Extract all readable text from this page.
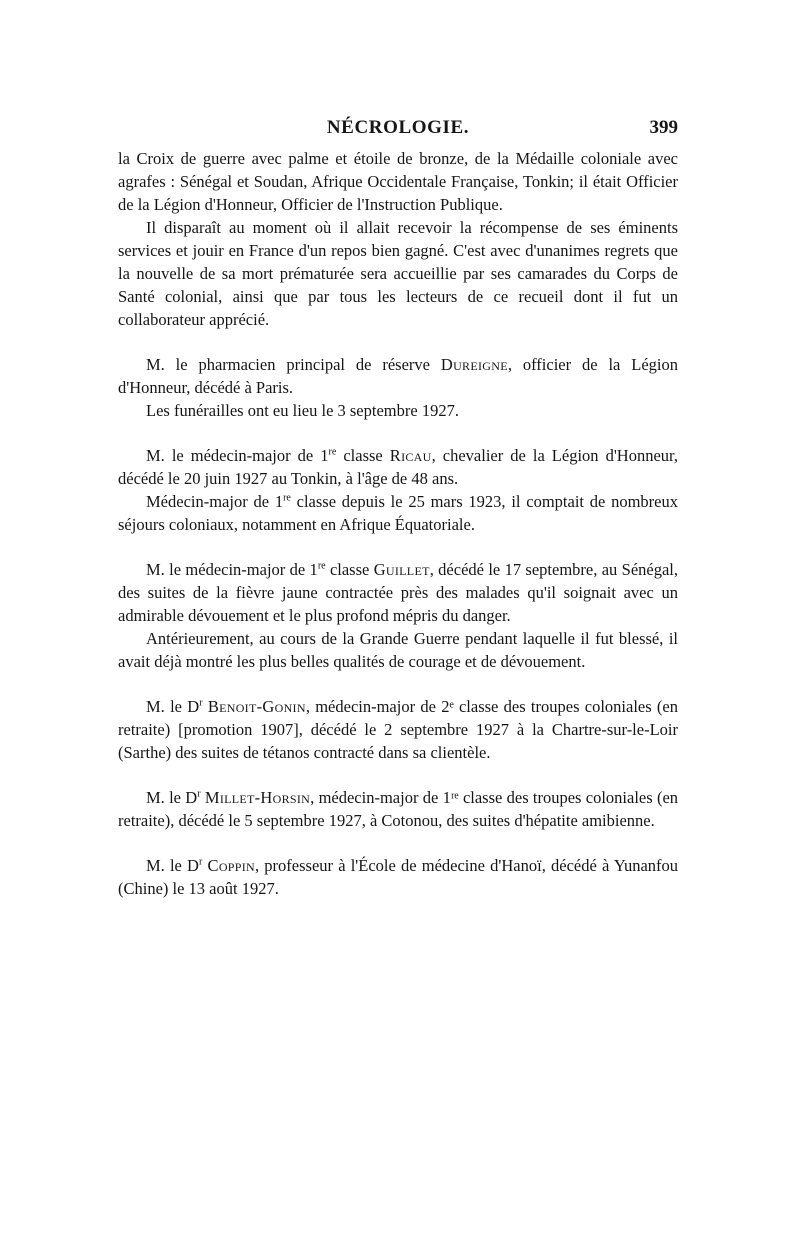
NÉCROLOGIE.	399

la Croix de guerre avec palme et étoile de bronze, de la Médaille coloniale avec agrafes : Sénégal et Soudan, Afrique Occidentale Française, Tonkin; il était Officier de la Légion d'Honneur, Officier de l'Instruction Publique.

Il disparaît au moment où il allait recevoir la récompense de ses éminents services et jouir en France d'un repos bien gagné. C'est avec d'unanimes regrets que la nouvelle de sa mort prématurée sera accueillie par ses camarades du Corps de Santé colonial, ainsi que par tous les lecteurs de ce recueil dont il fut un collaborateur apprécié.

M. le pharmacien principal de réserve Dureigne, officier de la Légion d'Honneur, décédé à Paris.

Les funérailles ont eu lieu le 3 septembre 1927.

M. le médecin-major de 1re classe Ricau, chevalier de la Légion d'Honneur, décédé le 20 juin 1927 au Tonkin, à l'âge de 48 ans.

Médecin-major de 1re classe depuis le 25 mars 1923, il comptait de nombreux séjours coloniaux, notamment en Afrique Équatoriale.

M. le médecin-major de 1re classe Guillet, décédé le 17 septembre, au Sénégal, des suites de la fièvre jaune contractée près des malades qu'il soignait avec un admirable dévouement et le plus profond mépris du danger.

Antérieurement, au cours de la Grande Guerre pendant laquelle il fut blessé, il avait déjà montré les plus belles qualités de courage et de dévouement.

M. le $D^r$ Benoit-Gonin, médecin-major de 2ᵉ classe des troupes coloniales (en retraite) [promotion 1907], décédé le 2 septembre 1927 à la Chartre-sur-le-Loir (Sarthe) des suites de tétanos contracté dans sa clientèle.

M. le $D^r$ Millet-Horsin, médecin-major de 1ʳᵉ classe des troupes coloniales (en retraite), décédé le 5 septembre 1927, à Cotonou, des suites d'hépatite amibienne.

M. le $D^r$ Coppin, professeur à l'École de médecine d'Hanoï, décédé à Yunanfou (Chine) le 13 août 1927.
